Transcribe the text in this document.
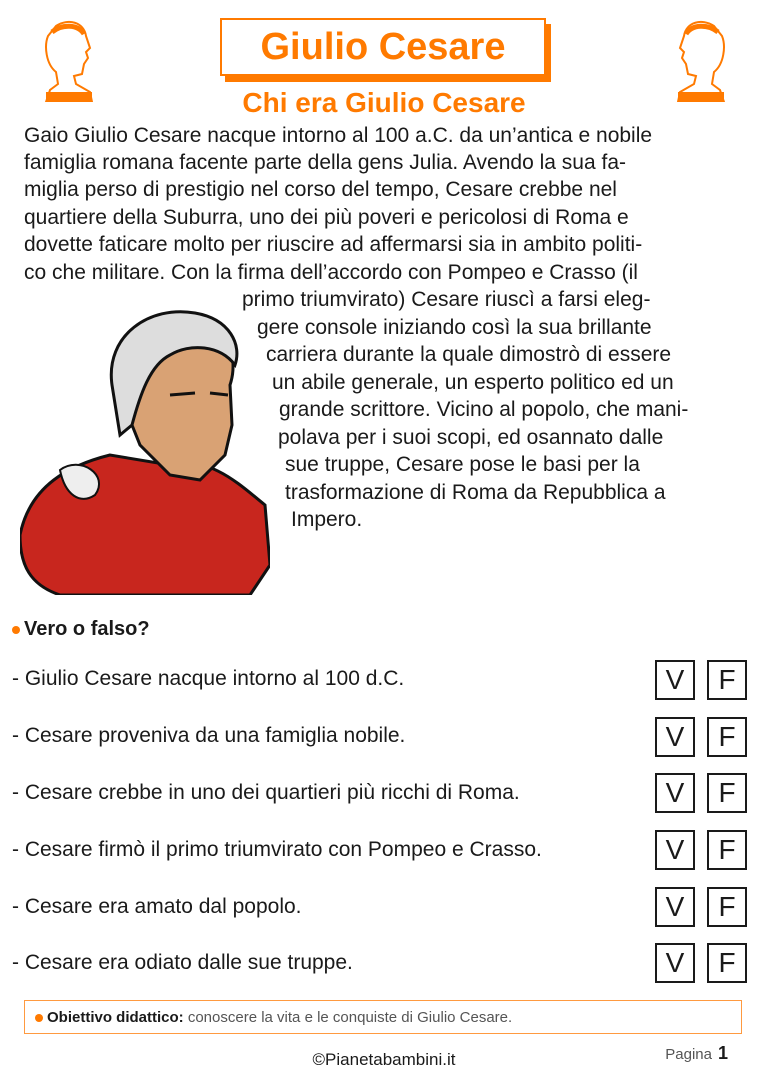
Giulio Cesare
Chi era Giulio Cesare
Gaio Giulio Cesare nacque intorno al 100 a.C. da un’antica e nobile
famiglia romana facente parte della gens Julia. Avendo la sua fa-
miglia perso di prestigio nel corso del tempo, Cesare crebbe nel
quartiere della Suburra, uno dei più poveri e pericolosi di Roma e
dovette faticare molto per riuscire ad affermarsi sia in ambito politi-
co che militare. Con la firma dell’accordo con Pompeo e Crasso (il
primo triumvirato) Cesare riuscì a farsi eleg-
gere console iniziando così la sua brillante
carriera durante la quale dimostrò di essere
un abile generale, un esperto politico ed un
grande scrittore. Vicino al popolo, che mani-
polava per i suoi scopi, ed osannato dalle
sue truppe, Cesare pose le basi per la
trasformazione di Roma da Repubblica a
Impero.
Vero o falso?
- Giulio Cesare nacque intorno al 100 d.C.	V	F
- Cesare proveniva da una famiglia nobile.	V	F
- Cesare crebbe in uno dei quartieri più ricchi di Roma.	V	F
- Cesare firmò il primo triumvirato con Pompeo e Crasso.	V	F
- Cesare era amato dal popolo.	V	F
- Cesare era odiato dalle sue truppe.	V	F
Obiettivo didattico: conoscere la vita e le conquiste di Giulio Cesare.
©Pianetabambini.it	Pagina 1
